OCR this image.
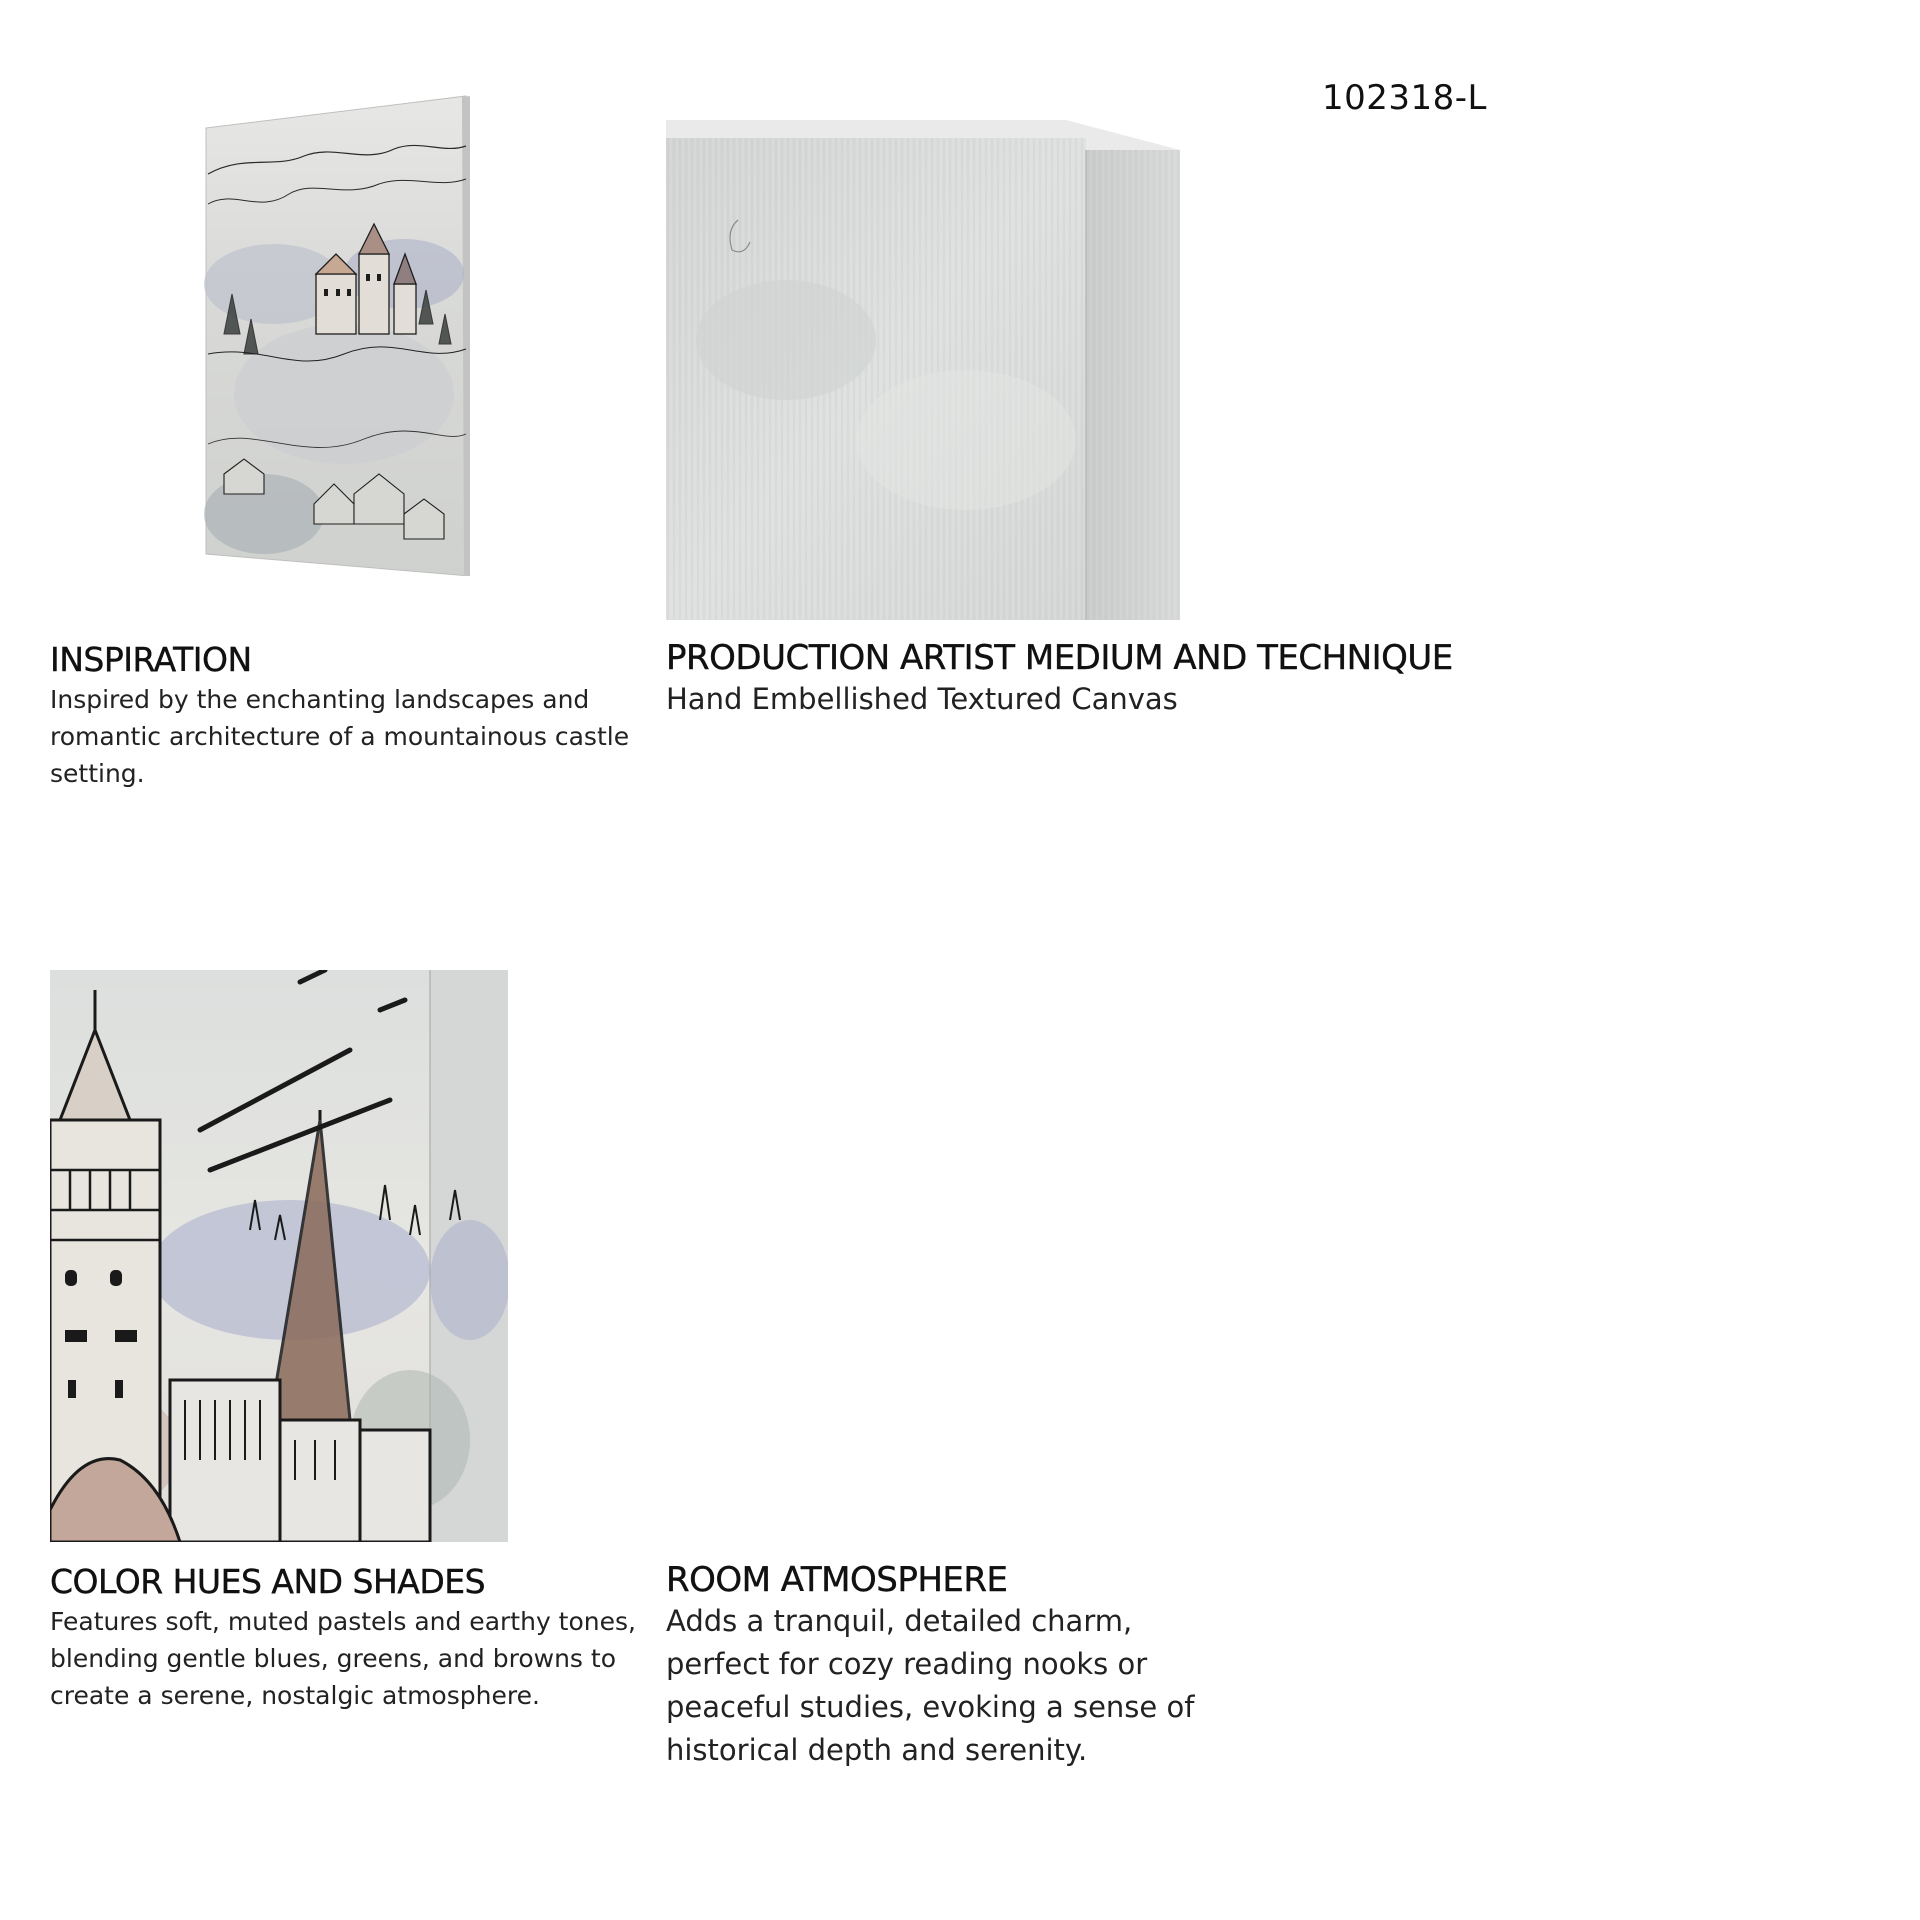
102318-L
INSPIRATION

Inspired by the enchanting landscapes and romantic architecture of a mountainous castle setting.

PRODUCTION ARTIST MEDIUM AND TECHNIQUE

Hand Embellished Textured Canvas

COLOR HUES AND SHADES

Features soft, muted pastels and earthy tones, blending gentle blues, greens, and browns to create a serene, nostalgic atmosphere.

ROOM ATMOSPHERE

Adds a tranquil, detailed charm, perfect for cozy reading nooks or peaceful studies, evoking a sense of historical depth and serenity.
